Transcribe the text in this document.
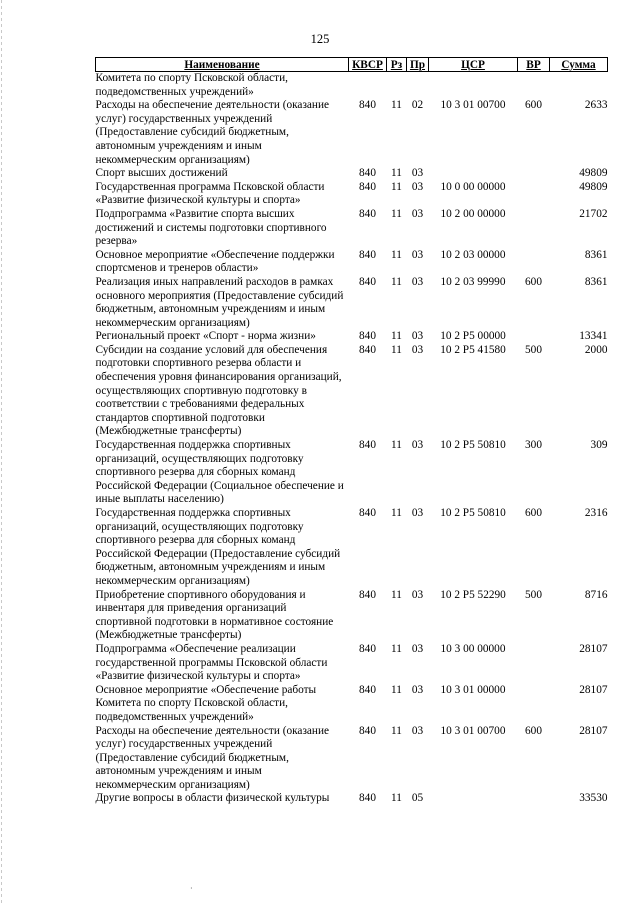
125
Наименование	КВСР	Рз	Пр	ЦСР	ВР	Сумма
Комитета по спорту Псковской области, подведомственных учреждений»						
Расходы на обеспечение деятельности (оказание услуг) государственных учреждений (Предоставление субсидий бюджетным, автономным учреждениям и иным некоммерческим организациям)	840	11	02	10 3 01 00700	600	2633
Спорт высших достижений	840	11	03			49809
Государственная программа Псковской области «Развитие физической культуры и спорта»	840	11	03	10 0 00 00000		49809
Подпрограмма «Развитие спорта высших достижений и системы подготовки спортивного резерва»	840	11	03	10 2 00 00000		21702
Основное мероприятие «Обеспечение поддержки спортсменов и тренеров области»	840	11	03	10 2 03 00000		8361
Реализация иных направлений расходов в рамках основного мероприятия (Предоставление субсидий бюджетным, автономным учреждениям и иным некоммерческим организациям)	840	11	03	10 2 03 99990	600	8361
Региональный проект «Спорт - норма жизни»	840	11	03	10 2 P5 00000		13341
Субсидии на создание условий для обеспечения подготовки спортивного резерва области и обеспечения уровня финансирования организаций, осуществляющих спортивную подготовку в соответствии с требованиями федеральных стандартов спортивной подготовки (Межбюджетные трансферты)	840	11	03	10 2 P5 41580	500	2000
Государственная поддержка спортивных организаций, осуществляющих подготовку спортивного резерва для сборных команд Российской Федерации (Социальное обеспечение и иные выплаты населению)	840	11	03	10 2 P5 50810	300	309
Государственная поддержка спортивных организаций, осуществляющих подготовку спортивного резерва для сборных команд Российской Федерации (Предоставление субсидий бюджетным, автономным учреждениям и иным некоммерческим организациям)	840	11	03	10 2 P5 50810	600	2316
Приобретение спортивного оборудования и инвентаря для приведения организаций спортивной подготовки в нормативное состояние (Межбюджетные трансферты)	840	11	03	10 2 P5 52290	500	8716
Подпрограмма «Обеспечение реализации государственной программы Псковской области «Развитие физической культуры и спорта»	840	11	03	10 3 00 00000		28107
Основное мероприятие «Обеспечение работы Комитета по спорту Псковской области, подведомственных учреждений»	840	11	03	10 3 01 00000		28107
Расходы на обеспечение деятельности (оказание услуг) государственных учреждений (Предоставление субсидий бюджетным, автономным учреждениям и иным некоммерческим организациям)	840	11	03	10 3 01 00700	600	28107
Другие вопросы в области физической культуры	840	11	05			33530
·
